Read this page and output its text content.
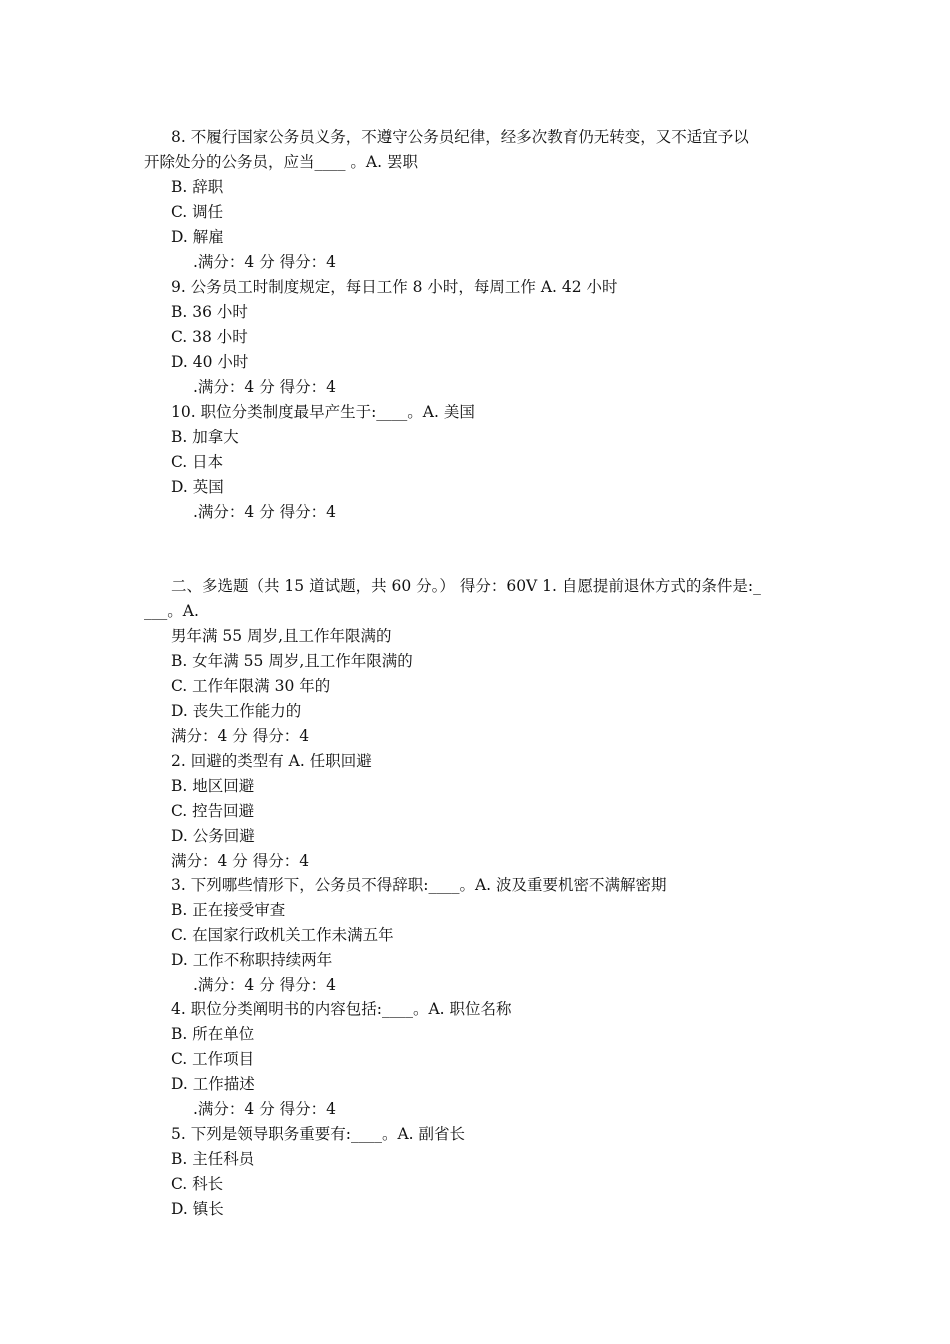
8. 不履行国家公务员义务，不遵守公务员纪律，经多次教育仍无转变，又不适宜予以
开除处分的公务员，应当____ 。A. 罢职
B. 辞职
C. 调任
D. 解雇
.满分：4 分 得分：4
9. 公务员工时制度规定，每日工作 8 小时，每周工作 A. 42 小时
B. 36 小时
C. 38 小时
D. 40 小时
.满分：4 分 得分：4
10. 职位分类制度最早产生于:____。A. 美国
B. 加拿大
C. 日本
D. 英国
.满分：4 分 得分：4
二、多选题（共 15 道试题，共 60 分。） 得分：60V 1. 自愿提前退休方式的条件是:_
___。A.
男年满 55 周岁,且工作年限满的
B. 女年满 55 周岁,且工作年限满的
C. 工作年限满 30 年的
D. 丧失工作能力的
满分：4 分 得分：4
2. 回避的类型有 A. 任职回避
B. 地区回避
C. 控告回避
D. 公务回避
满分：4 分 得分：4
3. 下列哪些情形下，公务员不得辞职:____。A. 波及重要机密不满解密期
B. 正在接受审查
C. 在国家行政机关工作未满五年
D. 工作不称职持续两年
.满分：4 分 得分：4
4. 职位分类阐明书的内容包括:____。A. 职位名称
B. 所在单位
C. 工作项目
D. 工作描述
.满分：4 分 得分：4
5. 下列是领导职务重要有:____。A. 副省长
B. 主任科员
C. 科长
D. 镇长
